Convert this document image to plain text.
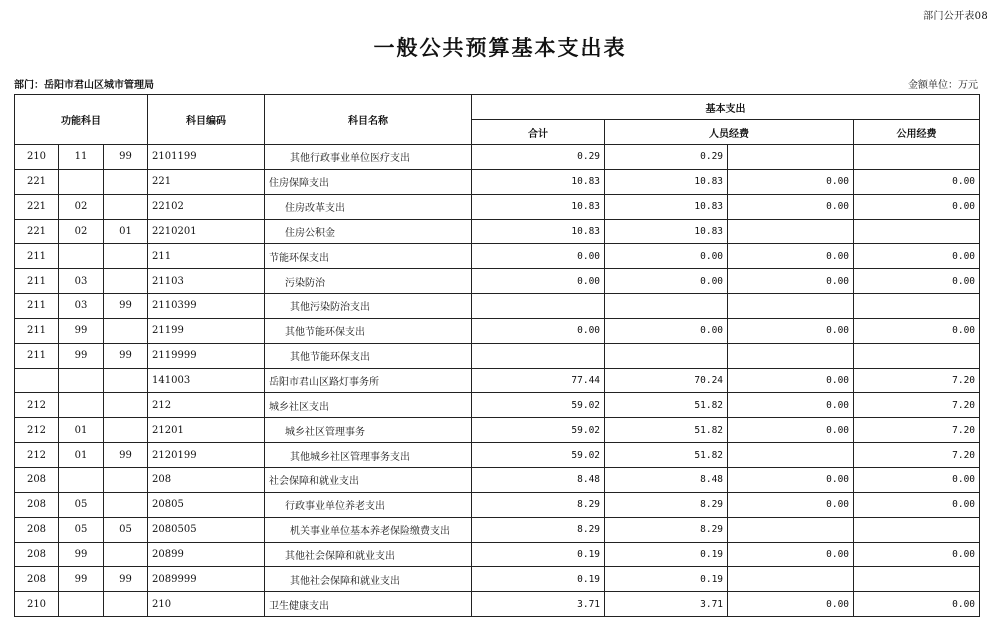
部门公开表08
一般公共预算基本支出表
部门：岳阳市君山区城市管理局	金额单位：万元
功能科目			科目编码	科目名称	基本支出			
					合计	人员经费		公用经费
210	11	99	2101199	其他行政事业单位医疗支出	0.29	0.29		
221			221	住房保障支出	10.83	10.83	0.00	0.00
221	02		22102	住房改革支出	10.83	10.83	0.00	0.00
221	02	01	2210201	住房公积金	10.83	10.83		
211			211	节能环保支出	0.00	0.00	0.00	0.00
211	03		21103	污染防治	0.00	0.00	0.00	0.00
211	03	99	2110399	其他污染防治支出				
211	99		21199	其他节能环保支出	0.00	0.00	0.00	0.00
211	99	99	2119999	其他节能环保支出				
			141003	岳阳市君山区路灯事务所	77.44	70.24	0.00	7.20
212			212	城乡社区支出	59.02	51.82	0.00	7.20
212	01		21201	城乡社区管理事务	59.02	51.82	0.00	7.20
212	01	99	2120199	其他城乡社区管理事务支出	59.02	51.82		7.20
208			208	社会保障和就业支出	8.48	8.48	0.00	0.00
208	05		20805	行政事业单位养老支出	8.29	8.29	0.00	0.00
208	05	05	2080505	机关事业单位基本养老保险缴费支出	8.29	8.29		
208	99		20899	其他社会保障和就业支出	0.19	0.19	0.00	0.00
208	99	99	2089999	其他社会保障和就业支出	0.19	0.19		
210			210	卫生健康支出	3.71	3.71	0.00	0.00
